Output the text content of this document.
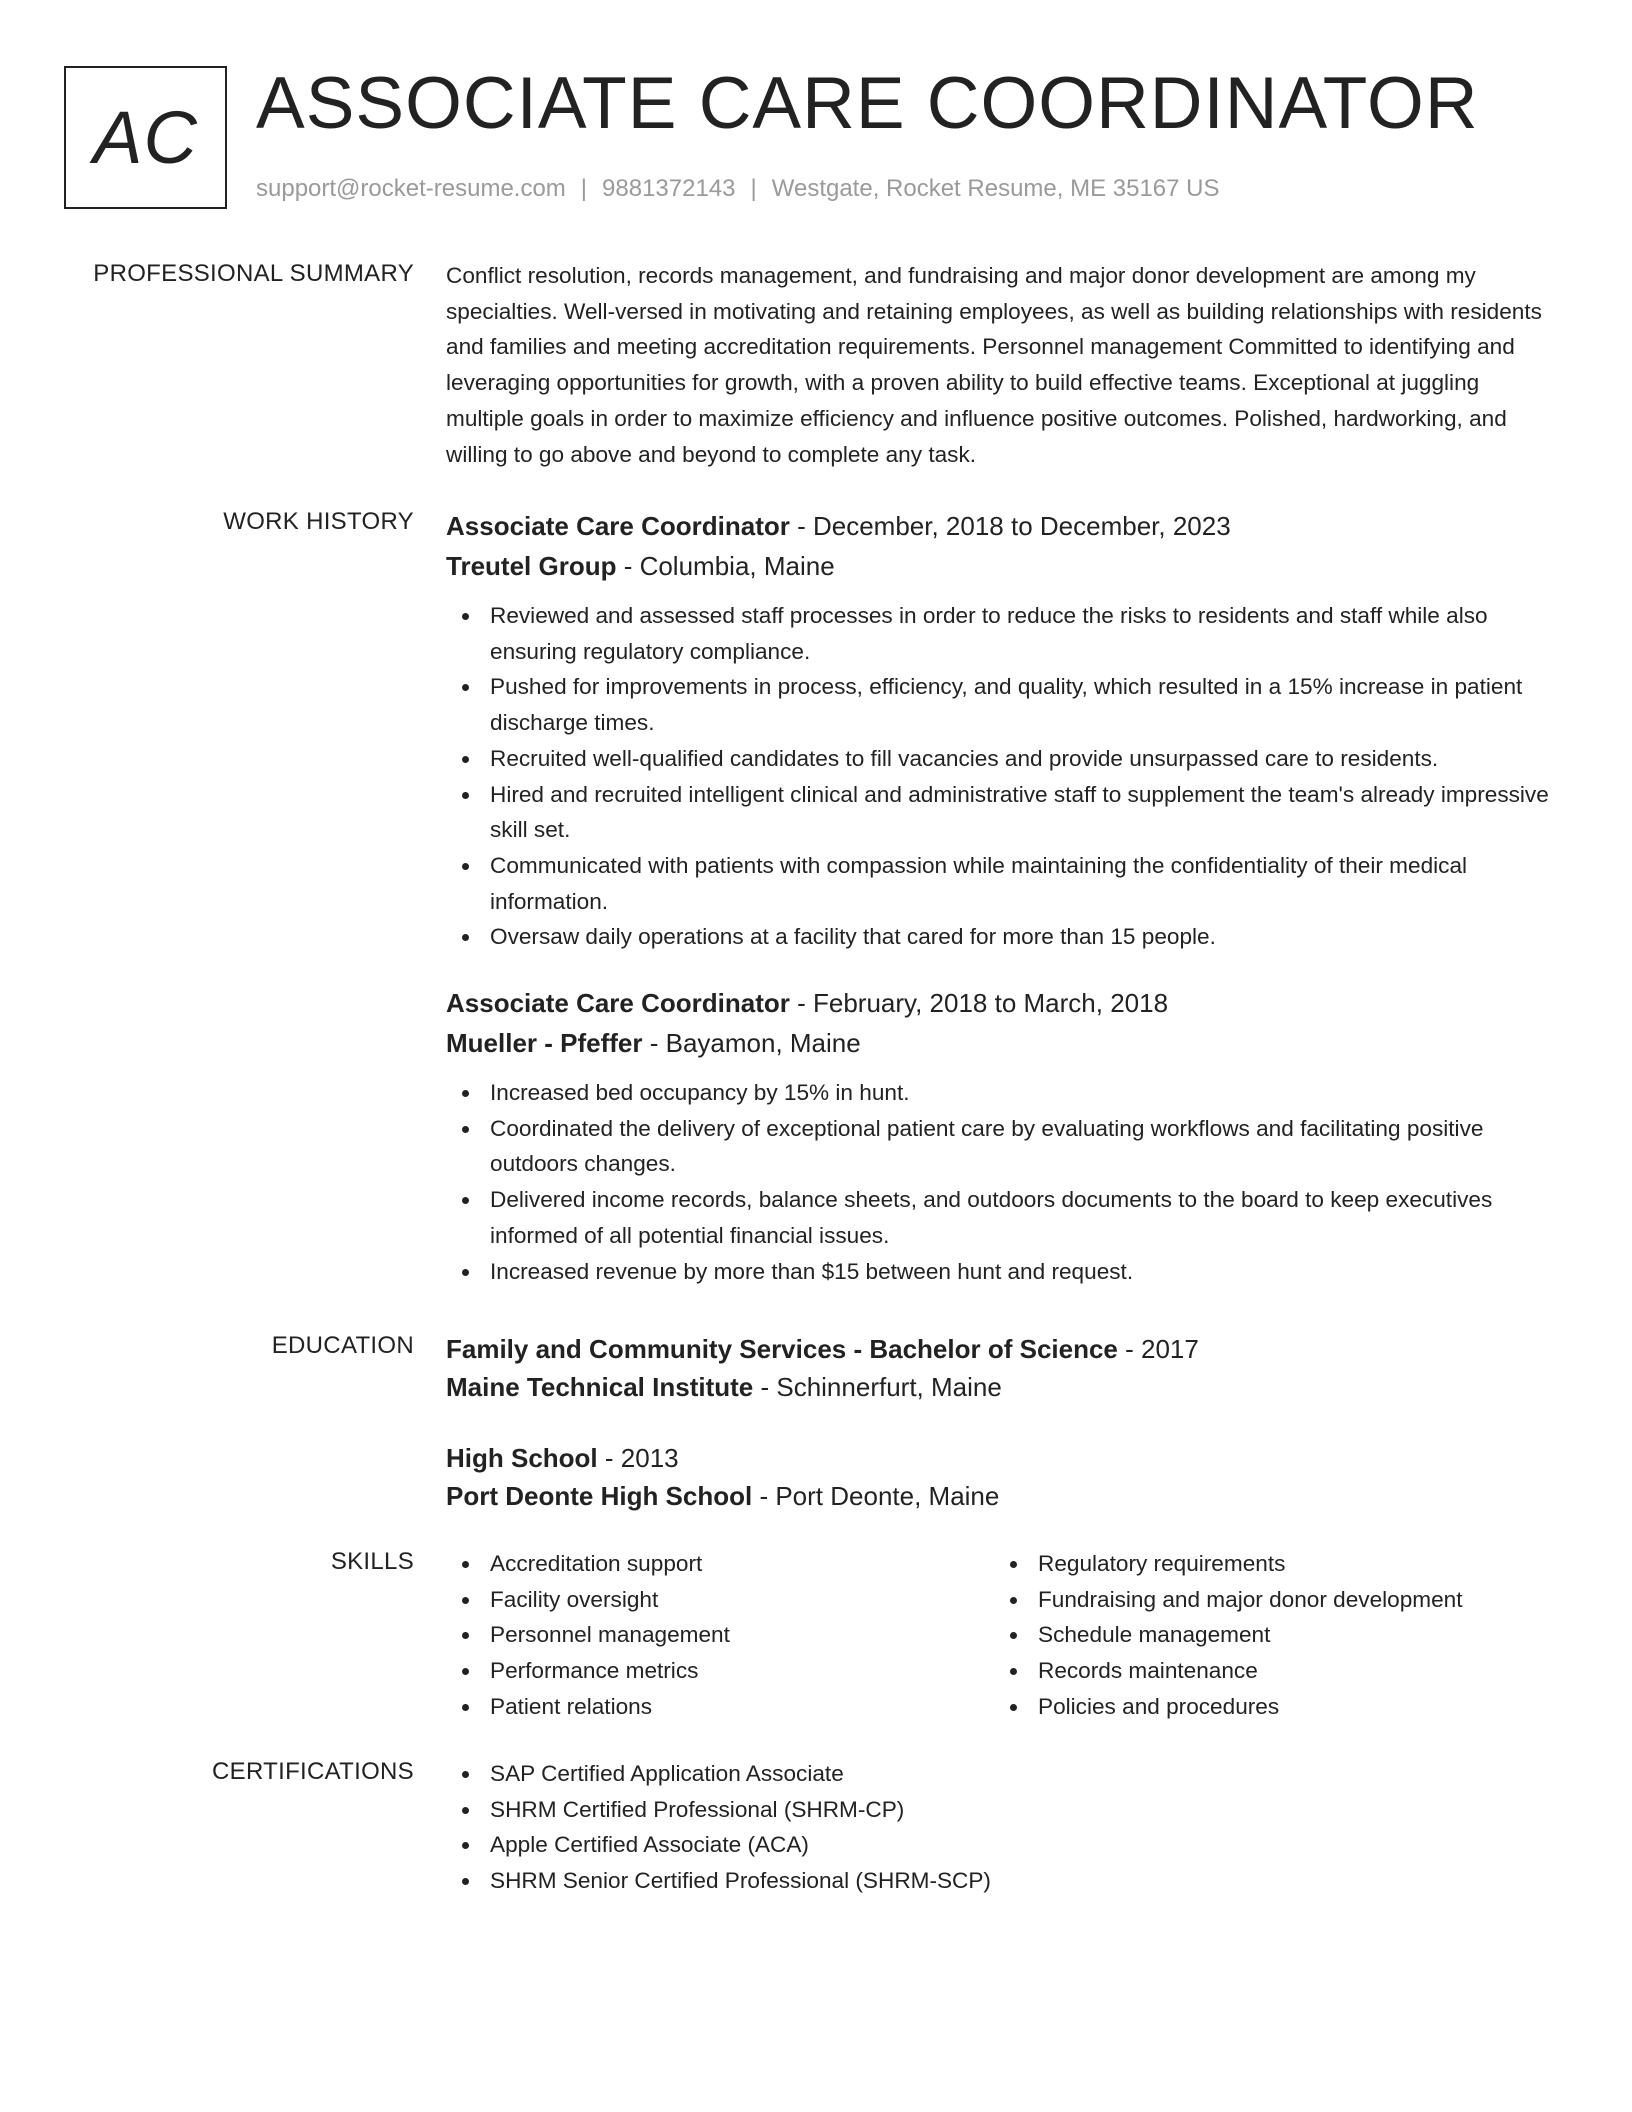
AC ASSOCIATE CARE COORDINATOR
support@rocket-resume.com | 9881372143 | Westgate, Rocket Resume, ME 35167 US
PROFESSIONAL SUMMARY Conflict resolution, records management, and fundraising and major donor development are among my specialties. Well-versed in motivating and retaining employees, as well as building relationships with residents and families and meeting accreditation requirements. Personnel management Committed to identifying and leveraging opportunities for growth, with a proven ability to build effective teams. Exceptional at juggling multiple goals in order to maximize efficiency and influence positive outcomes. Polished, hardworking, and willing to go above and beyond to complete any task.

WORK HISTORY Associate Care Coordinator - December, 2018 to December, 2023
Treutel Group - Columbia, Maine
Reviewed and assessed staff processes in order to reduce the risks to residents and staff while also ensuring regulatory compliance.
Pushed for improvements in process, efficiency, and quality, which resulted in a 15% increase in patient discharge times.
Recruited well-qualified candidates to fill vacancies and provide unsurpassed care to residents.
Hired and recruited intelligent clinical and administrative staff to supplement the team's already impressive skill set.
Communicated with patients with compassion while maintaining the confidentiality of their medical information.
Oversaw daily operations at a facility that cared for more than 15 people.
Associate Care Coordinator - February, 2018 to March, 2018
Mueller - Pfeffer - Bayamon, Maine
Increased bed occupancy by 15% in hunt.
Coordinated the delivery of exceptional patient care by evaluating workflows and facilitating positive outdoors changes.
Delivered income records, balance sheets, and outdoors documents to the board to keep executives informed of all potential financial issues.
Increased revenue by more than $15 between hunt and request.
EDUCATION Family and Community Services - Bachelor of Science - 2017
Maine Technical Institute - Schinnerfurt, Maine
High School - 2013
Port Deonte High School - Port Deonte, Maine
SKILLS	Accreditation support
Facility oversight
Personnel management
Performance metrics
Patient relations
Regulatory requirements
Fundraising and major donor development
Schedule management
Records maintenance
Policies and procedures
CERTIFICATIONS	SAP Certified Application Associate
SHRM Certified Professional (SHRM-CP)
Apple Certified Associate (ACA)
SHRM Senior Certified Professional (SHRM-SCP)
